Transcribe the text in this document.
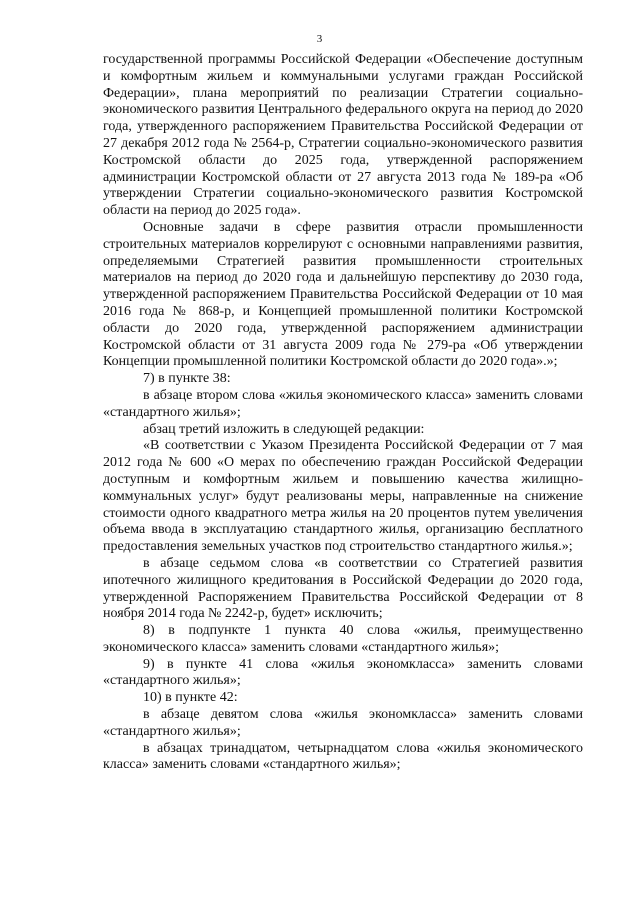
3

государственной программы Российской Федерации «Обеспечение доступным и комфортным жильем и коммунальными услугами граждан Российской Федерации», плана мероприятий по реализации Стратегии социально-экономического развития Центрального федерального округа на период до 2020 года, утвержденного распоряжением Правительства Российской Федерации от 27 декабря 2012 года № 2564-р, Стратегии социально-экономического развития Костромской области до 2025 года, утвержденной распоряжением администрации Костромской области от 27 августа 2013 года № 189-ра «Об утверждении Стратегии социально-экономического развития Костромской области на период до 2025 года».

Основные задачи в сфере развития отрасли промышленности строительных материалов коррелируют с основными направлениями развития, определяемыми Стратегией развития промышленности строительных материалов на период до 2020 года и дальнейшую перспективу до 2030 года, утвержденной распоряжением Правительства Российской Федерации от 10 мая 2016 года № 868-р, и Концепцией промышленной политики Костромской области до 2020 года, утвержденной распоряжением администрации Костромской области от 31 августа 2009 года № 279-ра «Об утверждении Концепции промышленной политики Костромской области до 2020 года».»;

7) в пункте 38:

в абзаце втором слова «жилья экономического класса» заменить словами «стандартного жилья»;

абзац третий изложить в следующей редакции:

«В соответствии с Указом Президента Российской Федерации от 7 мая 2012 года № 600 «О мерах по обеспечению граждан Российской Федерации доступным и комфортным жильем и повышению качества жилищно-коммунальных услуг» будут реализованы меры, направленные на снижение стоимости одного квадратного метра жилья на 20 процентов путем увеличения объема ввода в эксплуатацию стандартного жилья, организацию бесплатного предоставления земельных участков под строительство стандартного жилья.»;

в абзаце седьмом слова «в соответствии со Стратегией развития ипотечного жилищного кредитования в Российской Федерации до 2020 года, утвержденной Распоряжением Правительства Российской Федерации от 8 ноября 2014 года № 2242-р, будет» исключить;

8) в подпункте 1 пункта 40 слова «жилья, преимущественно экономического класса» заменить словами «стандартного жилья»;

9) в пункте 41 слова «жилья экономкласса» заменить словами «стандартного жилья»;

10) в пункте 42:

в абзаце девятом слова «жилья экономкласса» заменить словами «стандартного жилья»;

в абзацах тринадцатом, четырнадцатом слова «жилья экономического класса» заменить словами «стандартного жилья»;
